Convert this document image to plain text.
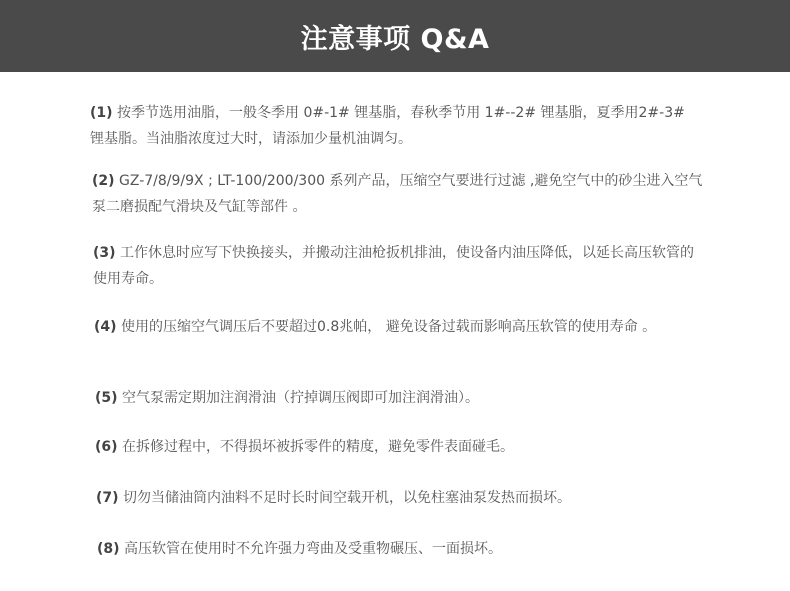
注意事项 Q&A
(1) 按季节选用油脂，一般冬季用 0#-1# 锂基脂，春秋季节用 1#--2# 锂基脂，夏季用2#-3# 锂基脂。当油脂浓度过大时，请添加少量机油调匀。
(2) GZ-7/8/9/9X ; LT-100/200/300 系列产品，压缩空气要进行过滤 ,避免空气中的砂尘进入空气泵二磨损配气滑块及气缸等部件 。
(3) 工作休息时应写下快换接头，并搬动注油枪扳机排油，使设备内油压降低，以延长高压软管的使用寿命。
(4) 使用的压缩空气调压后不要超过0.8兆帕， 避免设备过载而影响高压软管的使用寿命 。
(5) 空气泵需定期加注润滑油（拧掉调压阀即可加注润滑油）。
(6) 在拆修过程中，不得损坏被拆零件的精度，避免零件表面碰毛。
(7) 切勿当储油筒内油料不足时长时间空载开机，以免柱塞油泵发热而损坏。
(8) 高压软管在使用时不允许强力弯曲及受重物碾压、一面损坏。
